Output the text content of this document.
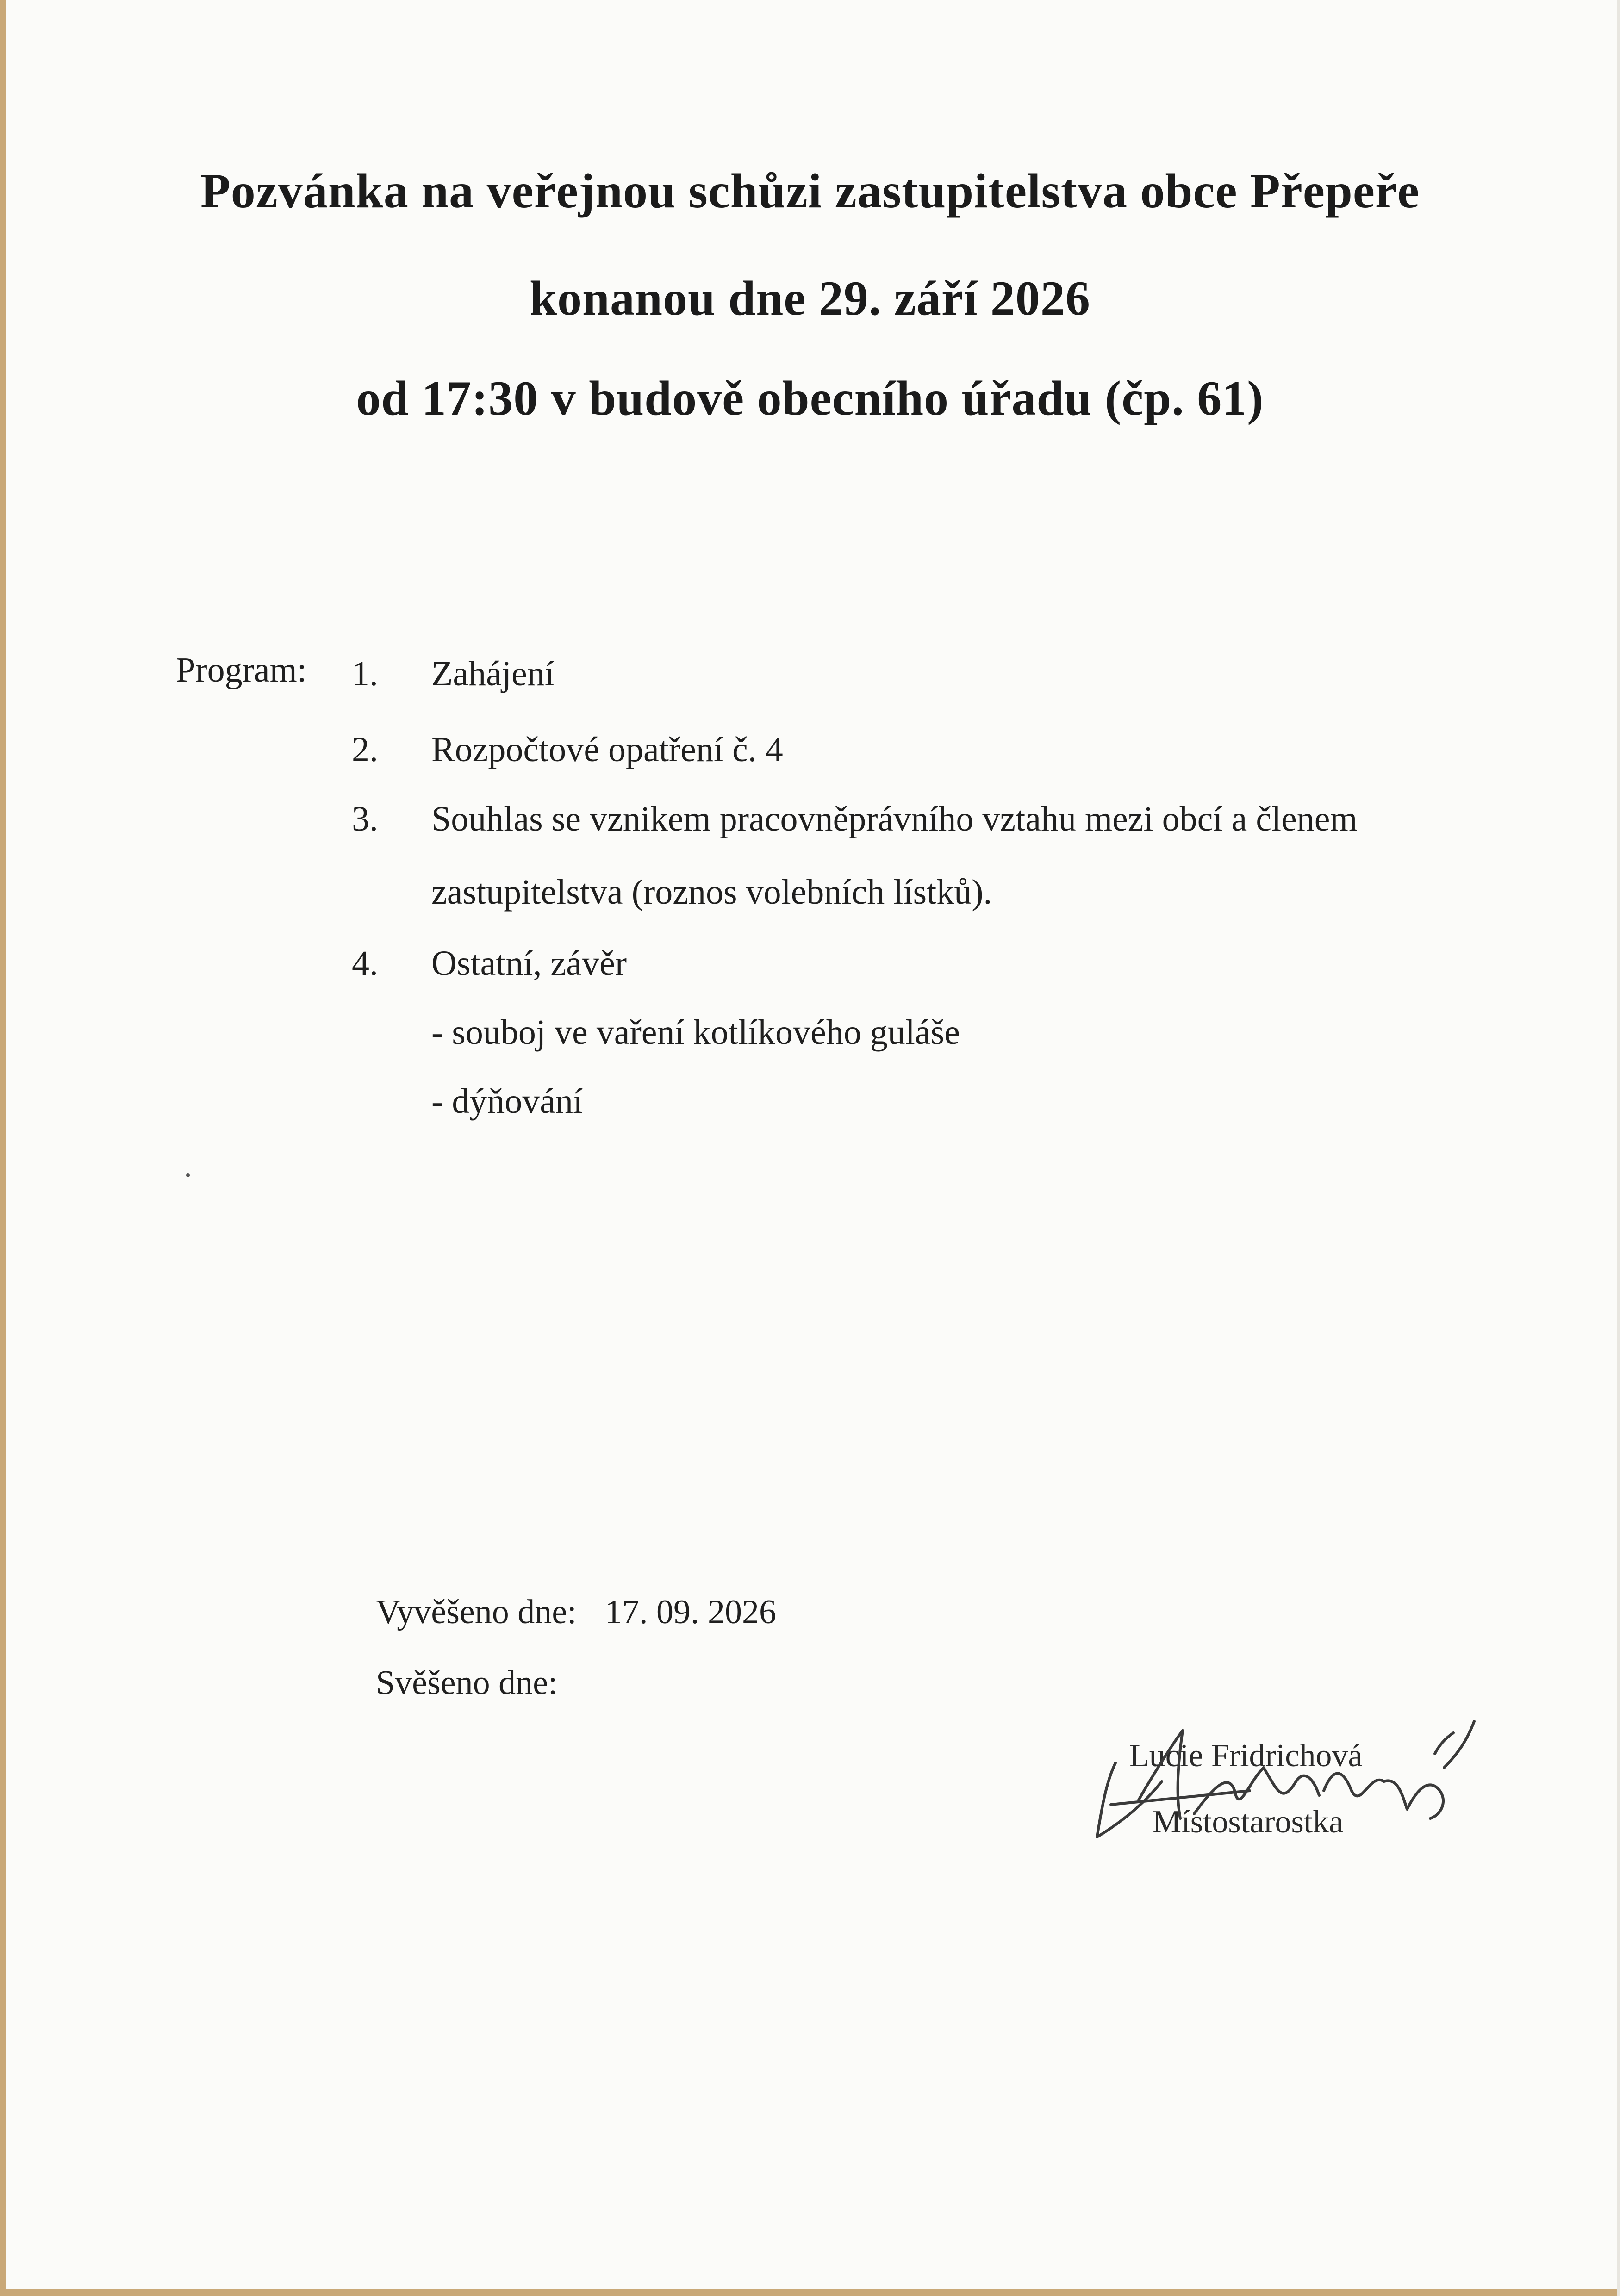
Pozvánka na veřejnou schůzi zastupitelstva obce Přepeře
konanou dne 29. září 2026
od 17:30 v budově obecního úřadu (čp. 61)
Program: 1. Zahájení
2. Rozpočtové opatření č. 4
3. Souhlas se vznikem pracovněprávního vztahu mezi obcí a členem
zastupitelstva (roznos volebních lístků).
4. Ostatní, závěr
- souboj ve vaření kotlíkového guláše
- dýňování
Vyvěšeno dne: 17. 09. 2026
Svěšeno dne:
Lucie Fridrichová
Místostarostka
